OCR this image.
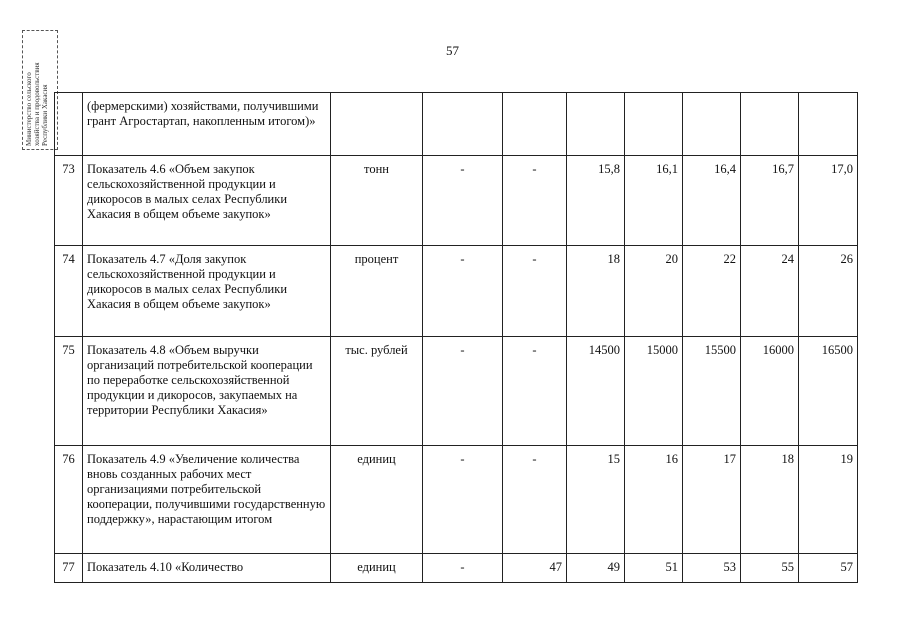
Министерство сельского хозяйства и продовольствия Республики Хакасия
57
	(фермерскими) хозяйствами, получившими грант Агростартап, накопленным итогом)»								
73	Показатель 4.6 «Объем закупок сельскохозяйственной продукции и дикоросов в малых селах Республики Хакасия в общем объеме закупок»	тонн	-	-	15,8	16,1	16,4	16,7	17,0
74	Показатель 4.7 «Доля закупок сельскохозяйственной продукции и дикоросов в малых селах Республики Хакасия в общем объеме закупок»	процент	-	-	18	20	22	24	26
75	Показатель 4.8 «Объем выручки организаций потребительской кооперации по переработке сельскохозяйственной продукции и дикоросов, закупаемых на территории Республики Хакасия»	тыс. рублей	-	-	14500	15000	15500	16000	16500
76	Показатель 4.9 «Увеличение количества вновь созданных рабочих мест организациями потребительской кооперации, получившими государственную поддержку», нарастающим итогом	единиц	-	-	15	16	17	18	19
77	Показатель 4.10 «Количество	единиц	-	47	49	51	53	55	57
